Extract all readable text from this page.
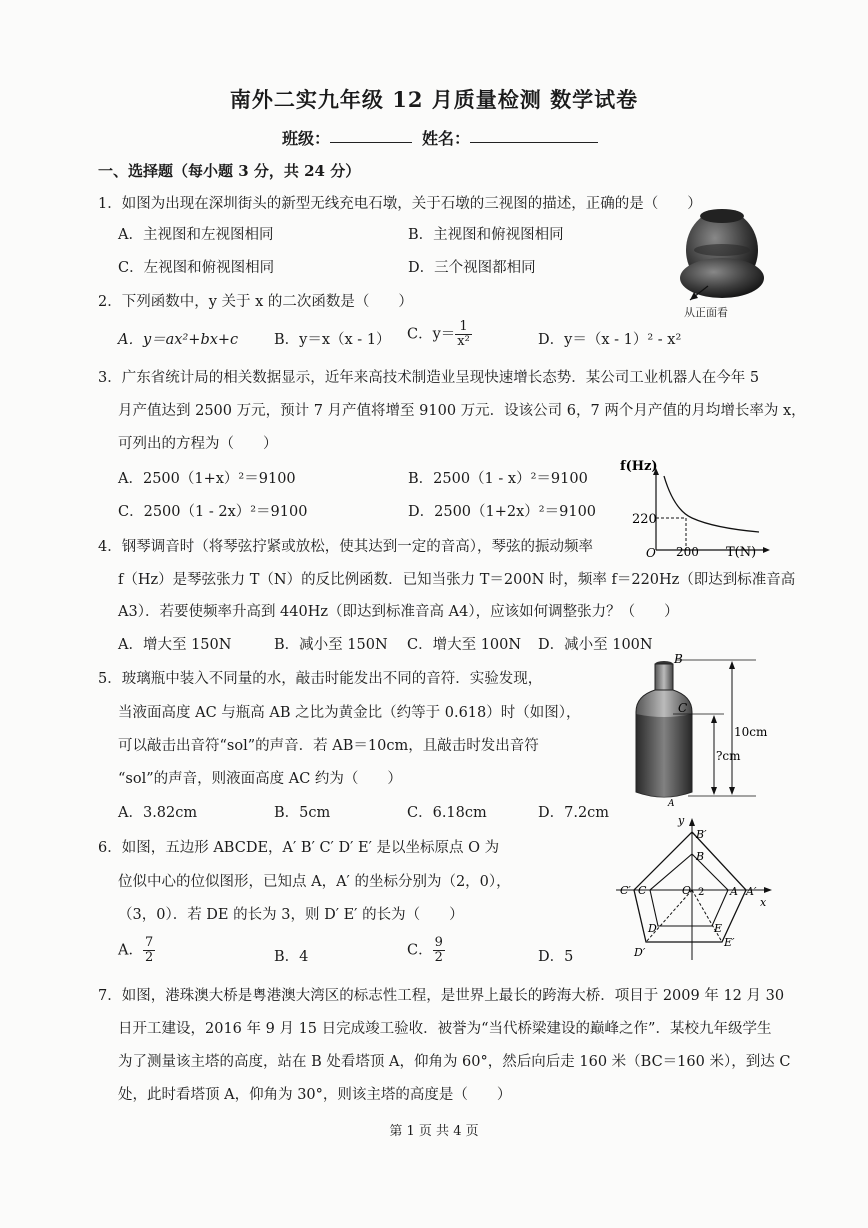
南外二实九年级 12 月质量检测 数学试卷
班级：	姓名：
一、选择题（每小题 3 分，共 24 分）
1．如图为出现在深圳街头的新型无线充电石墩，关于石墩的三视图的描述，正确的是（　　）
A．主视图和左视图相同	B．主视图和俯视图相同
C．左视图和俯视图相同	D．三个视图都相同
从正面看
2．下列函数中，y 关于 x 的二次函数是（　　）
A．y＝ax²+bx+c B．y＝x（x - 1） C．$y= \frac{1}{\text{x²}}$	D．y＝（x - 1）² - x²
3．广东省统计局的相关数据显示，近年来高技术制造业呈现快速增长态势．某公司工业机器人在今年 5
月产值达到 2500 万元，预计 7 月产值将增至 9100 万元．设该公司 6，7 两个月产值的月均增长率为 x，
可列出的方程为（　　）
A．2500（1+x）²＝9100	B．2500（1 - x）²＝9100
C．2500（1 - 2x）²＝9100	D．2500（1+2x）²＝9100
f(Hz)
220
O 200 T(N)
4．钢琴调音时（将琴弦拧紧或放松，使其达到一定的音高），琴弦的振动频率
f（Hz）是琴弦张力 T（N）的反比例函数．已知当张力 T＝200N 时，频率 f＝220Hz（即达到标准音高
A3）．若要使频率升高到 440Hz（即达到标准音高 A4），应该如何调整张力？（　　）
A．增大至 150N	B．减小至 150N C．增大至 100N D．减小至 100N
5．玻璃瓶中装入不同量的水，敲击时能发出不同的音符．实验发现，
当液面高度 AC 与瓶高 AB 之比为黄金比（约等于 0.618）时（如图），
可以敲击出音符“sol”的声音．若 AB＝10cm，且敲击时发出音符
“sol”的声音，则液面高度 AC 约为（　　）
A．3.82cm	B．5cm	C．6.18cm	D．7.2cm
B
C
A
10cm
?cm
6．如图，五边形 ABCDE，A′ B′ C′ D′ E′ 是以坐标原点 O 为
位似中心的位似图形，已知点 A，A′ 的坐标分别为（2，0），
（3，0）．若 DE 的长为 3，则 D′ E′ 的长为（　　）
A． $\frac{7}{2}$	B．4	C． $\frac{9}{2}$	D．5
y
x
O 2
B′
B
C′ C	A A′
D
D′
E
E′
7．如图，港珠澳大桥是粤港澳大湾区的标志性工程，是世界上最长的跨海大桥．项目于 2009 年 12 月 30
日开工建设，2016 年 9 月 15 日完成竣工验收．被誉为“当代桥梁建设的巅峰之作”．某校九年级学生
为了测量该主塔的高度，站在 B 处看塔顶 A，仰角为 60°，然后向后走 160 米（BC＝160 米），到达 C
处，此时看塔顶 A，仰角为 30°，则该主塔的高度是（　　）
第 1 页 共 4 页
